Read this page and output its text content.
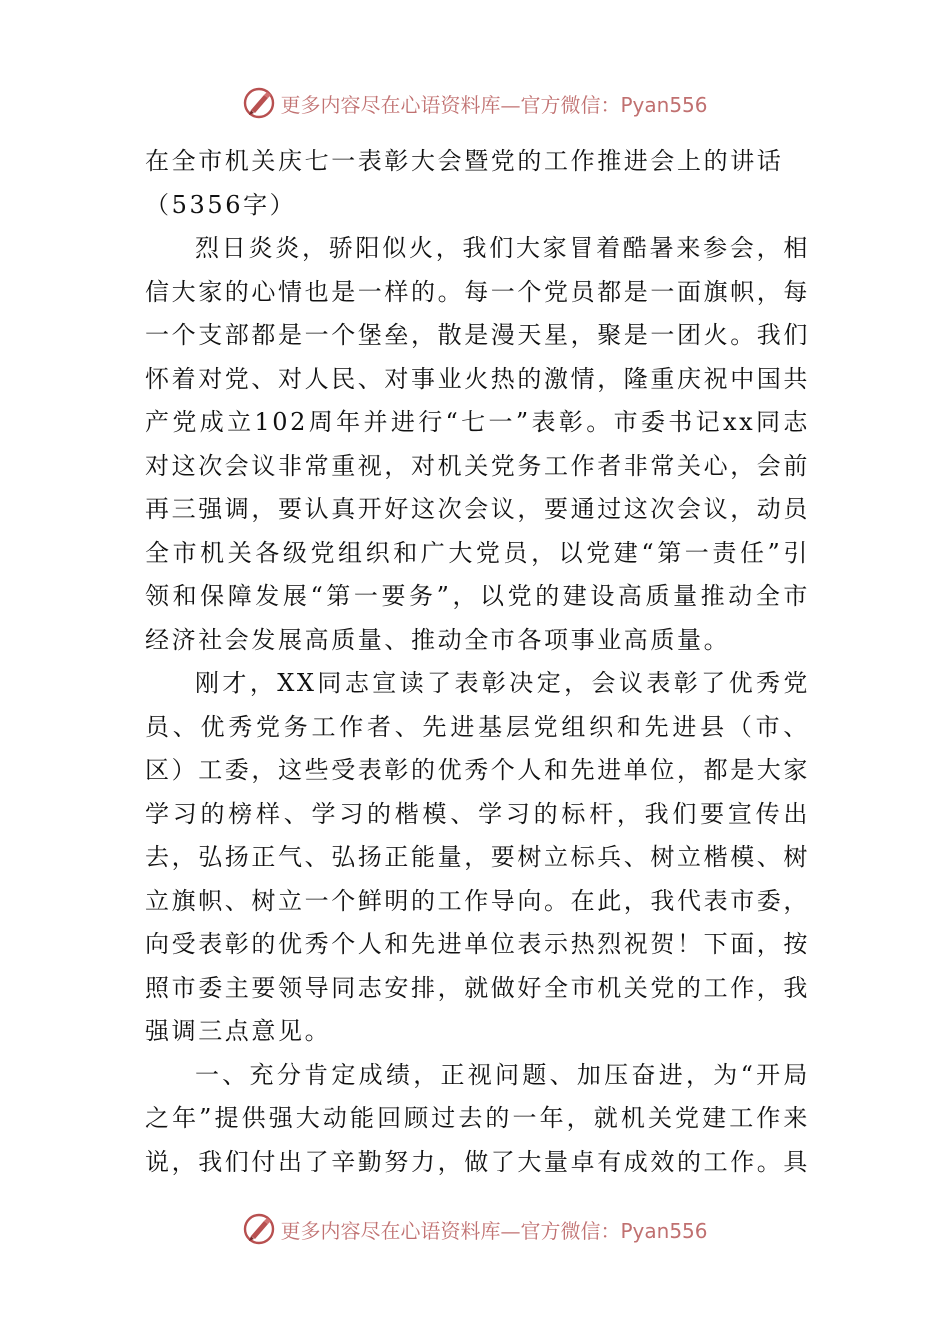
更多内容尽在心语资料库—官方微信：Pyan556
在全市机关庆七一表彰大会暨党的工作推进会上的讲话
（5356字）

烈日炎炎，骄阳似火，我们大家冒着酷暑来参会，相信大家的心情也是一样的。每一个党员都是一面旗帜，每一个支部都是一个堡垒，散是漫天星，聚是一团火。我们怀着对党、对人民、对事业火热的激情，隆重庆祝中国共产党成立102周年并进行“七一”表彰。市委书记xx同志对这次会议非常重视，对机关党务工作者非常关心，会前再三强调，要认真开好这次会议，要通过这次会议，动员全市机关各级党组织和广大党员，以党建“第一责任”引领和保障发展“第一要务”，以党的建设高质量推动全市经济社会发展高质量、推动全市各项事业高质量。

刚才，XX同志宣读了表彰决定，会议表彰了优秀党员、优秀党务工作者、先进基层党组织和先进县（市、区）工委，这些受表彰的优秀个人和先进单位，都是大家学习的榜样、学习的楷模、学习的标杆，我们要宣传出去，弘扬正气、弘扬正能量，要树立标兵、树立楷模、树立旗帜、树立一个鲜明的工作导向。在此，我代表市委，向受表彰的优秀个人和先进单位表示热烈祝贺！下面，按照市委主要领导同志安排，就做好全市机关党的工作，我强调三点意见。

一、充分肯定成绩，正视问题、加压奋进，为“开局之年”提供强大动能回顾过去的一年，就机关党建工作来说，我们付出了辛勤努力，做了大量卓有成效的工作。具

更多内容尽在心语资料库—官方微信：Pyan556
